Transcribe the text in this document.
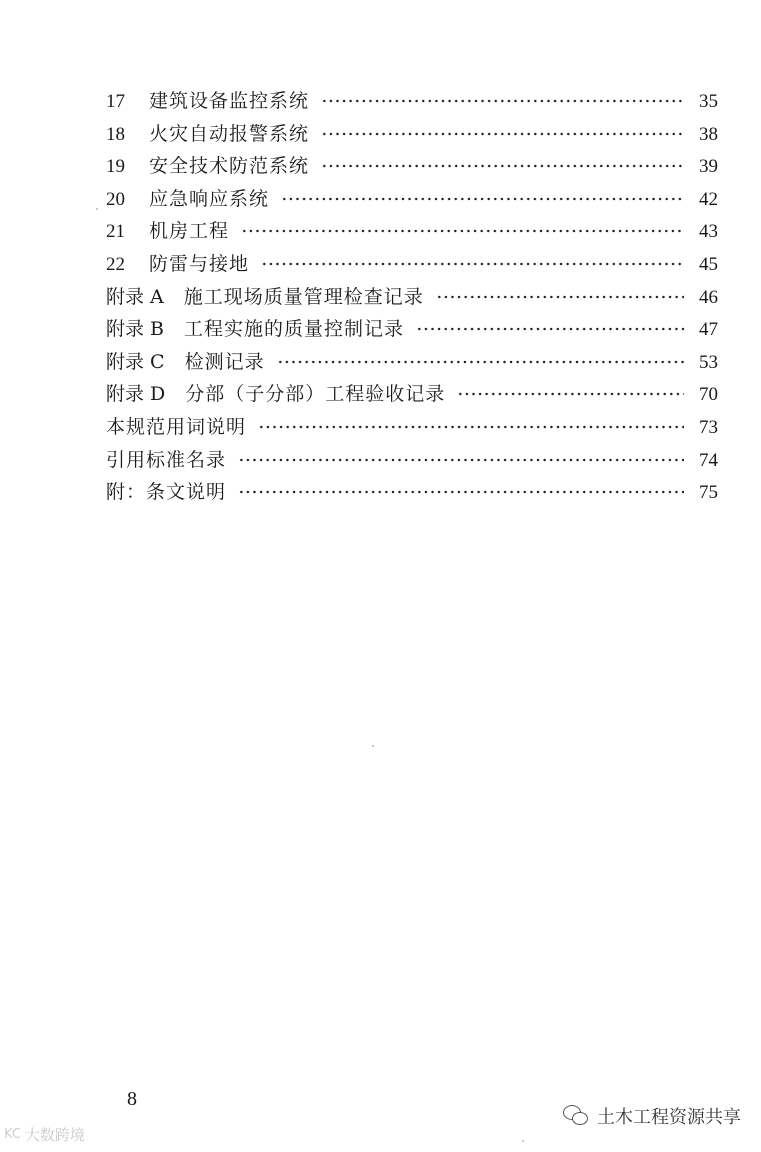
17	建筑设备监控系统	35
18	火灾自动报警系统	38
19	安全技术防范系统	39
20	应急响应系统	42
21	机房工程	43
22	防雷与接地	45
附录 A 施工现场质量管理检查记录	46
附录 B 工程实施的质量控制记录	47
附录 C 检测记录	53
附录 D 分部（子分部）工程验收记录	70
本规范用词说明	73
引用标准名录	74
附：条文说明	75
8
KC 大数跨境
土木工程资源共享
